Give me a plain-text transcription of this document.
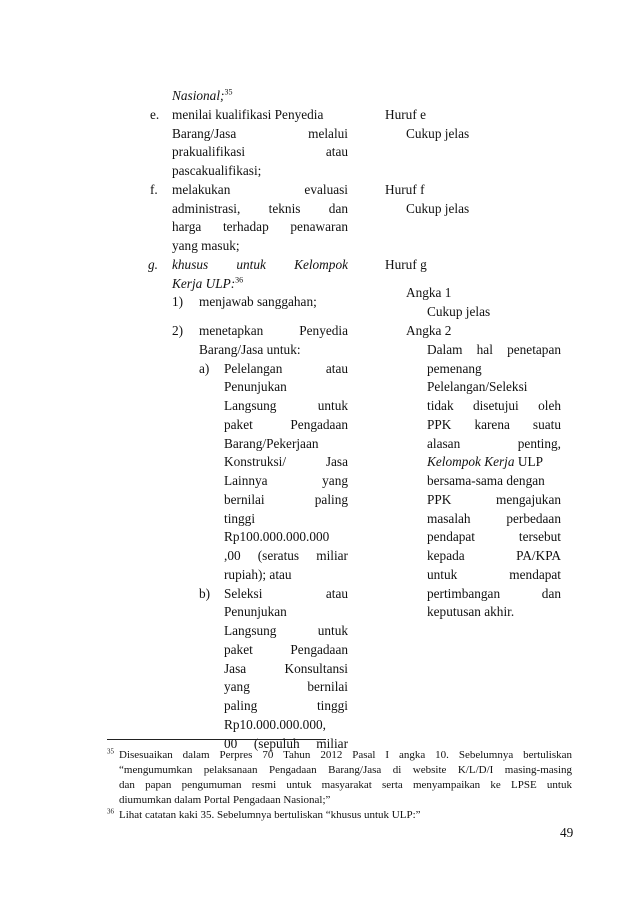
Nasional;$^{35}$
e. menilai kualifikasi Penyedia
Barang/Jasa melalui
prakualifikasi atau
pascakualifikasi;
f. melakukan evaluasi
administrasi, teknis dan
harga terhadap penawaran
yang masuk;
g. khusus untuk Kelompok
Kerja ULP:$^{36}$
1) menjawab sanggahan;
2) menetapkan Penyedia
Barang/Jasa untuk:
a) Pelelangan atau
Penunjukan
Langsung untuk
paket Pengadaan
Barang/Pekerjaan
Konstruksi/ Jasa
Lainnya yang
bernilai paling
tinggi
Rp100.000.000.000
,00 (seratus miliar
rupiah); atau
b) Seleksi atau
Penunjukan
Langsung untuk
paket Pengadaan
Jasa Konsultansi
yang bernilai
paling tinggi
Rp10.000.000.000,
00 (sepuluh miliar
Huruf e
Cukup jelas
Huruf f
Cukup jelas
Huruf g
Angka 1
Cukup jelas
Angka 2
Dalam hal penetapan
pemenang
Pelelangan/Seleksi
tidak disetujui oleh
PPK karena suatu
alasan penting,
Kelompok Kerja ULP
bersama-sama dengan
PPK mengajukan
masalah perbedaan
pendapat tersebut
kepada PA/KPA
untuk mendapat
pertimbangan dan
keputusan akhir.
$^{35}$ Disesuaikan dalam Perpres 70 Tahun 2012 Pasal I angka 10. Sebelumnya bertuliskan
“mengumumkan pelaksanaan Pengadaan Barang/Jasa di website K/L/D/I masing-masing
dan papan pengumuman resmi untuk masyarakat serta menyampaikan ke LPSE untuk
diumumkan dalam Portal Pengadaan Nasional;”
$^{36}$ Lihat catatan kaki 35. Sebelumnya bertuliskan “khusus untuk ULP:”
49
